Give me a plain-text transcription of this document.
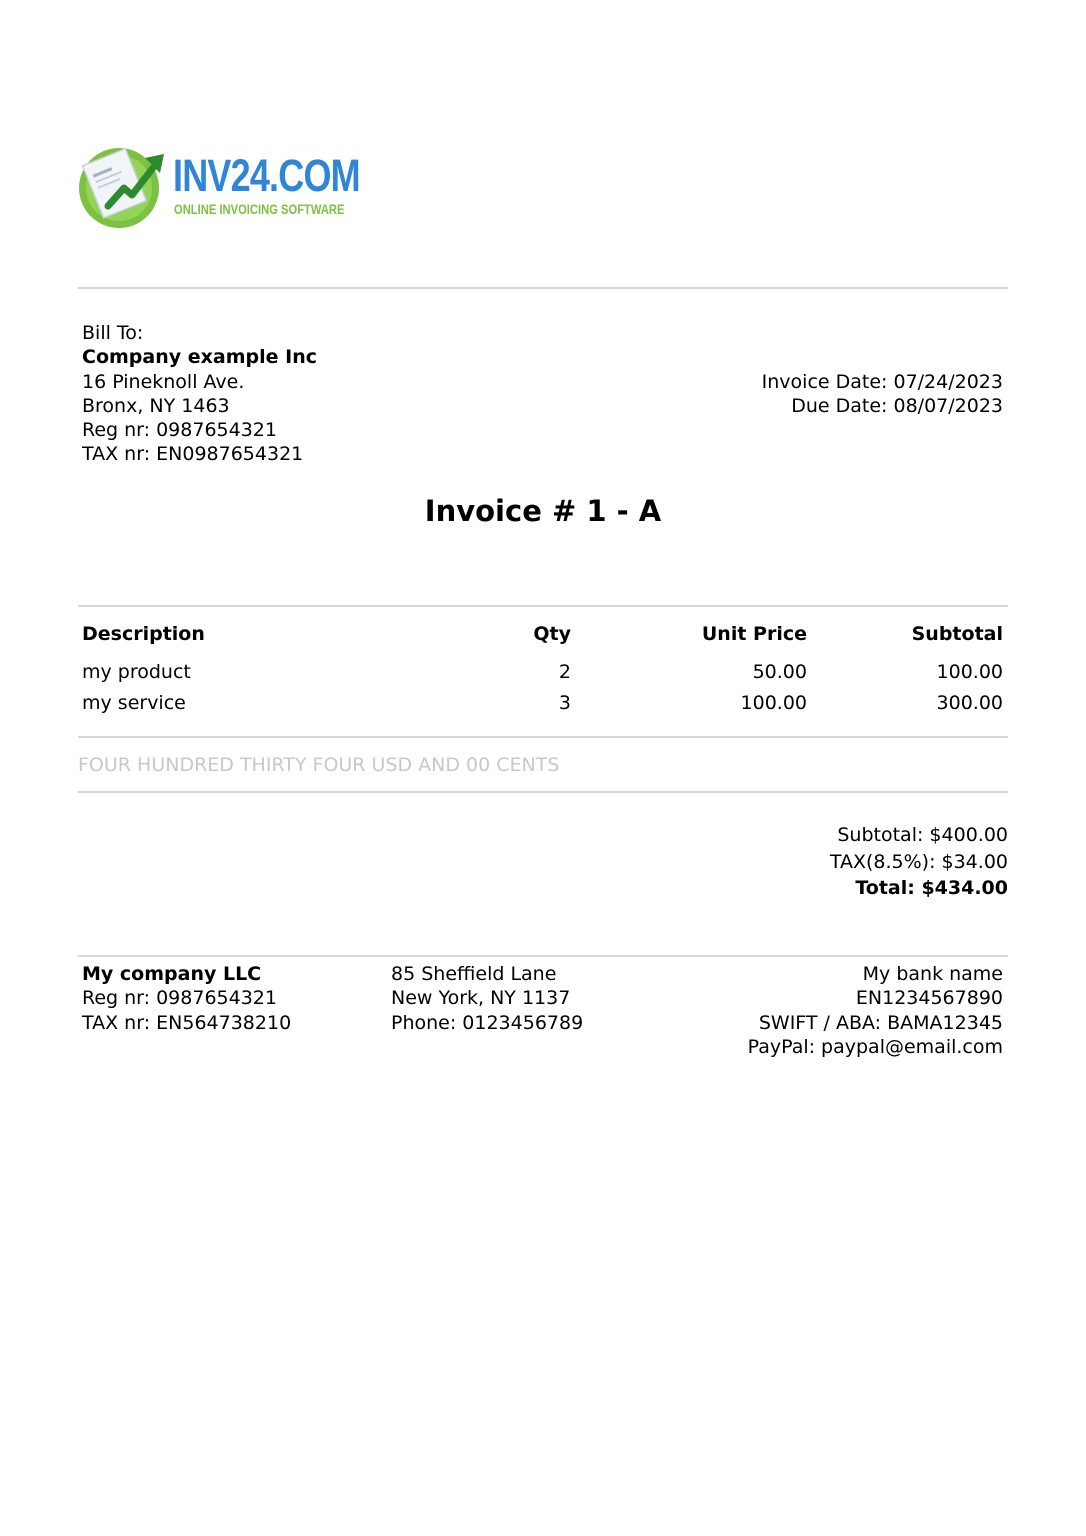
INV24.COM
ONLINE INVOICING SOFTWARE
Bill To:
Company example Inc
16 Pineknoll Ave.
Bronx, NY 1463
Reg nr: 0987654321
TAX nr: EN0987654321
Invoice Date: 07/24/2023
Due Date: 08/07/2023
Invoice # 1 - A
Description	Qty	Unit Price	Subtotal
my product	2	50.00	100.00
my service	3	100.00	300.00
FOUR HUNDRED THIRTY FOUR USD AND 00 CENTS
Subtotal: $400.00
TAX(8.5%): $34.00
Total: $434.00
My company LLC
Reg nr: 0987654321
TAX nr: EN564738210
85 Sheffield Lane
New York, NY 1137
Phone: 0123456789
My bank name
EN1234567890
SWIFT / ABA: BAMA12345
PayPal: paypal@email.com
